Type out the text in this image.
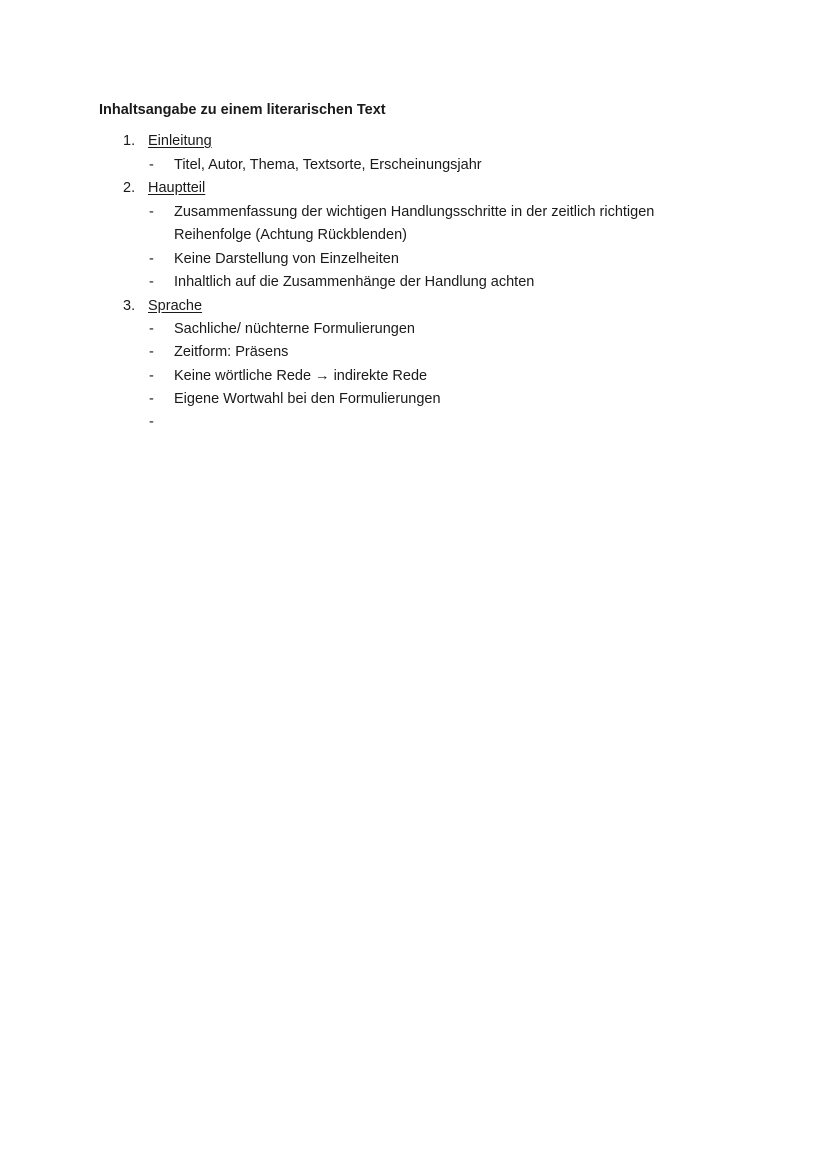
Inhaltsangabe zu einem literarischen Text
1. Einleitung
- Titel, Autor, Thema, Textsorte, Erscheinungsjahr
2. Hauptteil
- Zusammenfassung der wichtigen Handlungsschritte in der zeitlich richtigen
Reihenfolge (Achtung Rückblenden)
- Keine Darstellung von Einzelheiten
- Inhaltlich auf die Zusammenhänge der Handlung achten
3. Sprache
- Sachliche/ nüchterne Formulierungen
- Zeitform: Präsens
- Keine wörtliche Rede → indirekte Rede
- Eigene Wortwahl bei den Formulierungen
-
